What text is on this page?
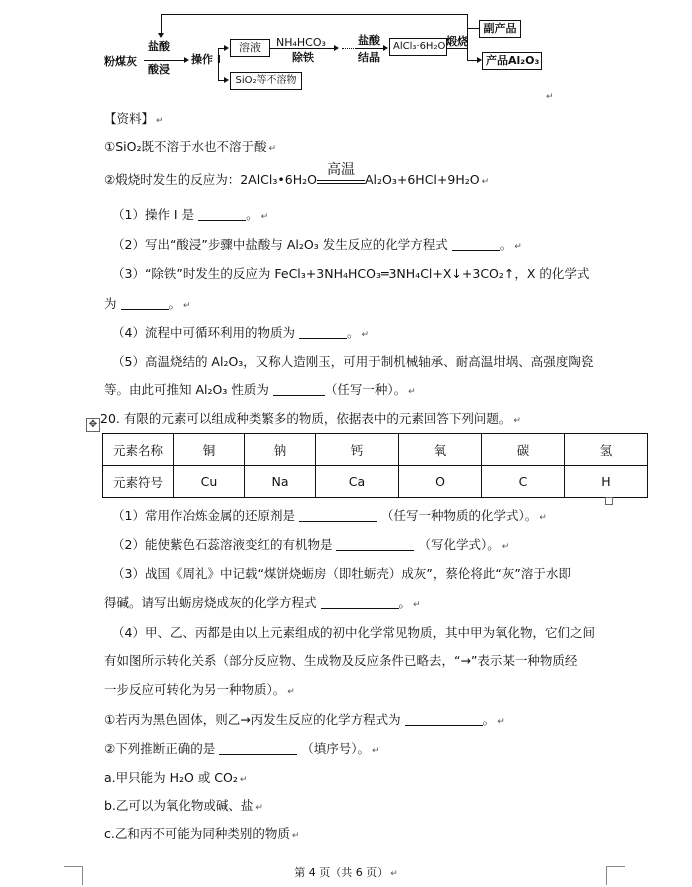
粉煤灰
盐酸
酸浸
操作 I
溶液
SiO₂等不溶物
NH₄HCO₃
除铁
盐酸
结晶
AlCl₃·6H₂O 煅烧
副产品
产品Al₂O₃
↵
【资料】 ↵
①SiO₂既不溶于水也不溶于酸 ↵
②煅烧时发生的反应为：2AlCl₃•6H₂O
高温
Al₂O₃+6HCl+9H₂O ↵
（1）操作 I 是	。 ↵
（2）写出“酸浸”步骤中盐酸与 Al₂O₃ 发生反应的化学方程式	。 ↵
（3）“除铁”时发生的反应为 FeCl₃+3NH₄HCO₃═3NH₄Cl+X↓+3CO₂↑，X 的化学式
为	。 ↵
（4）流程中可循环利用的物质为	。 ↵
（5）高温烧结的 Al₂O₃，又称人造刚玉，可用于制机械轴承、耐高温坩埚、高强度陶瓷
等。由此可推知 Al₂O₃ 性质为	（任写一种）。 ↵
✥ 20. 有限的元素可以组成种类繁多的物质，依据表中的元素回答下列问题。 ↵
元素名称	铜	钠	钙	氧	碳	氢
元素符号	Cu	Na	Ca	O	C	H
（1）常用作冶炼金属的还原剂是	（任写一种物质的化学式）。 ↵
（2）能使紫色石蕊溶液变红的有机物是	（写化学式）。 ↵
（3）战国《周礼》中记载“煤饼烧蛎房（即牡蛎壳）成灰”，蔡伦将此“灰”溶于水即
得碱。请写出蛎房烧成灰的化学方程式	。 ↵
（4）甲、乙、丙都是由以上元素组成的初中化学常见物质，其中甲为氧化物，它们之间
有如图所示转化关系（部分反应物、生成物及反应条件已略去，“→”表示某一种物质经
一步反应可转化为另一种物质）。 ↵
①若丙为黑色固体，则乙→丙发生反应的化学方程式为	。 ↵
②下列推断正确的是	（填序号）。 ↵
a.甲只能为 H₂O 或 CO₂ ↵
b.乙可以为氧化物或碱、盐 ↵
c.乙和丙不可能为同种类别的物质 ↵
第 4 页（共 6 页） ↵
